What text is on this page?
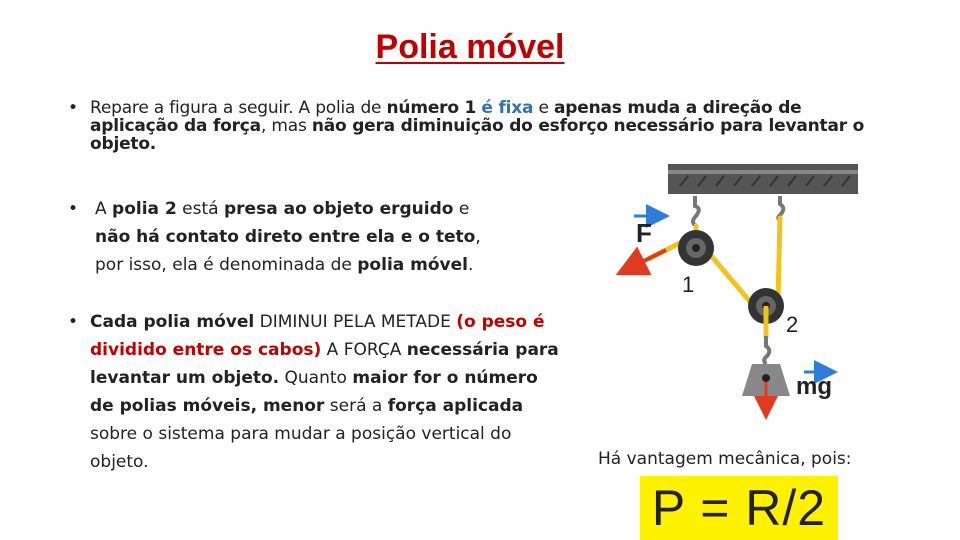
Polia móvel
• Repare a figura a seguir. A polia de número 1 é fixa e apenas muda a direção de aplicação da força, mas não gera diminuição do esforço necessário para levantar o objeto.
• A polia 2 está presa ao objeto erguido e não há contato direto entre ela e o teto, por isso, ela é denominada de polia móvel.
• Cada polia móvel DIMINUI PELA METADE (o peso é dividido entre os cabos) A FORÇA necessária para levantar um objeto. Quanto maior for o número de polias móveis, menor será a força aplicada sobre o sistema para mudar a posição vertical do objeto.
F
1
2
mg
Há vantagem mecânica, pois:
P = R/2
